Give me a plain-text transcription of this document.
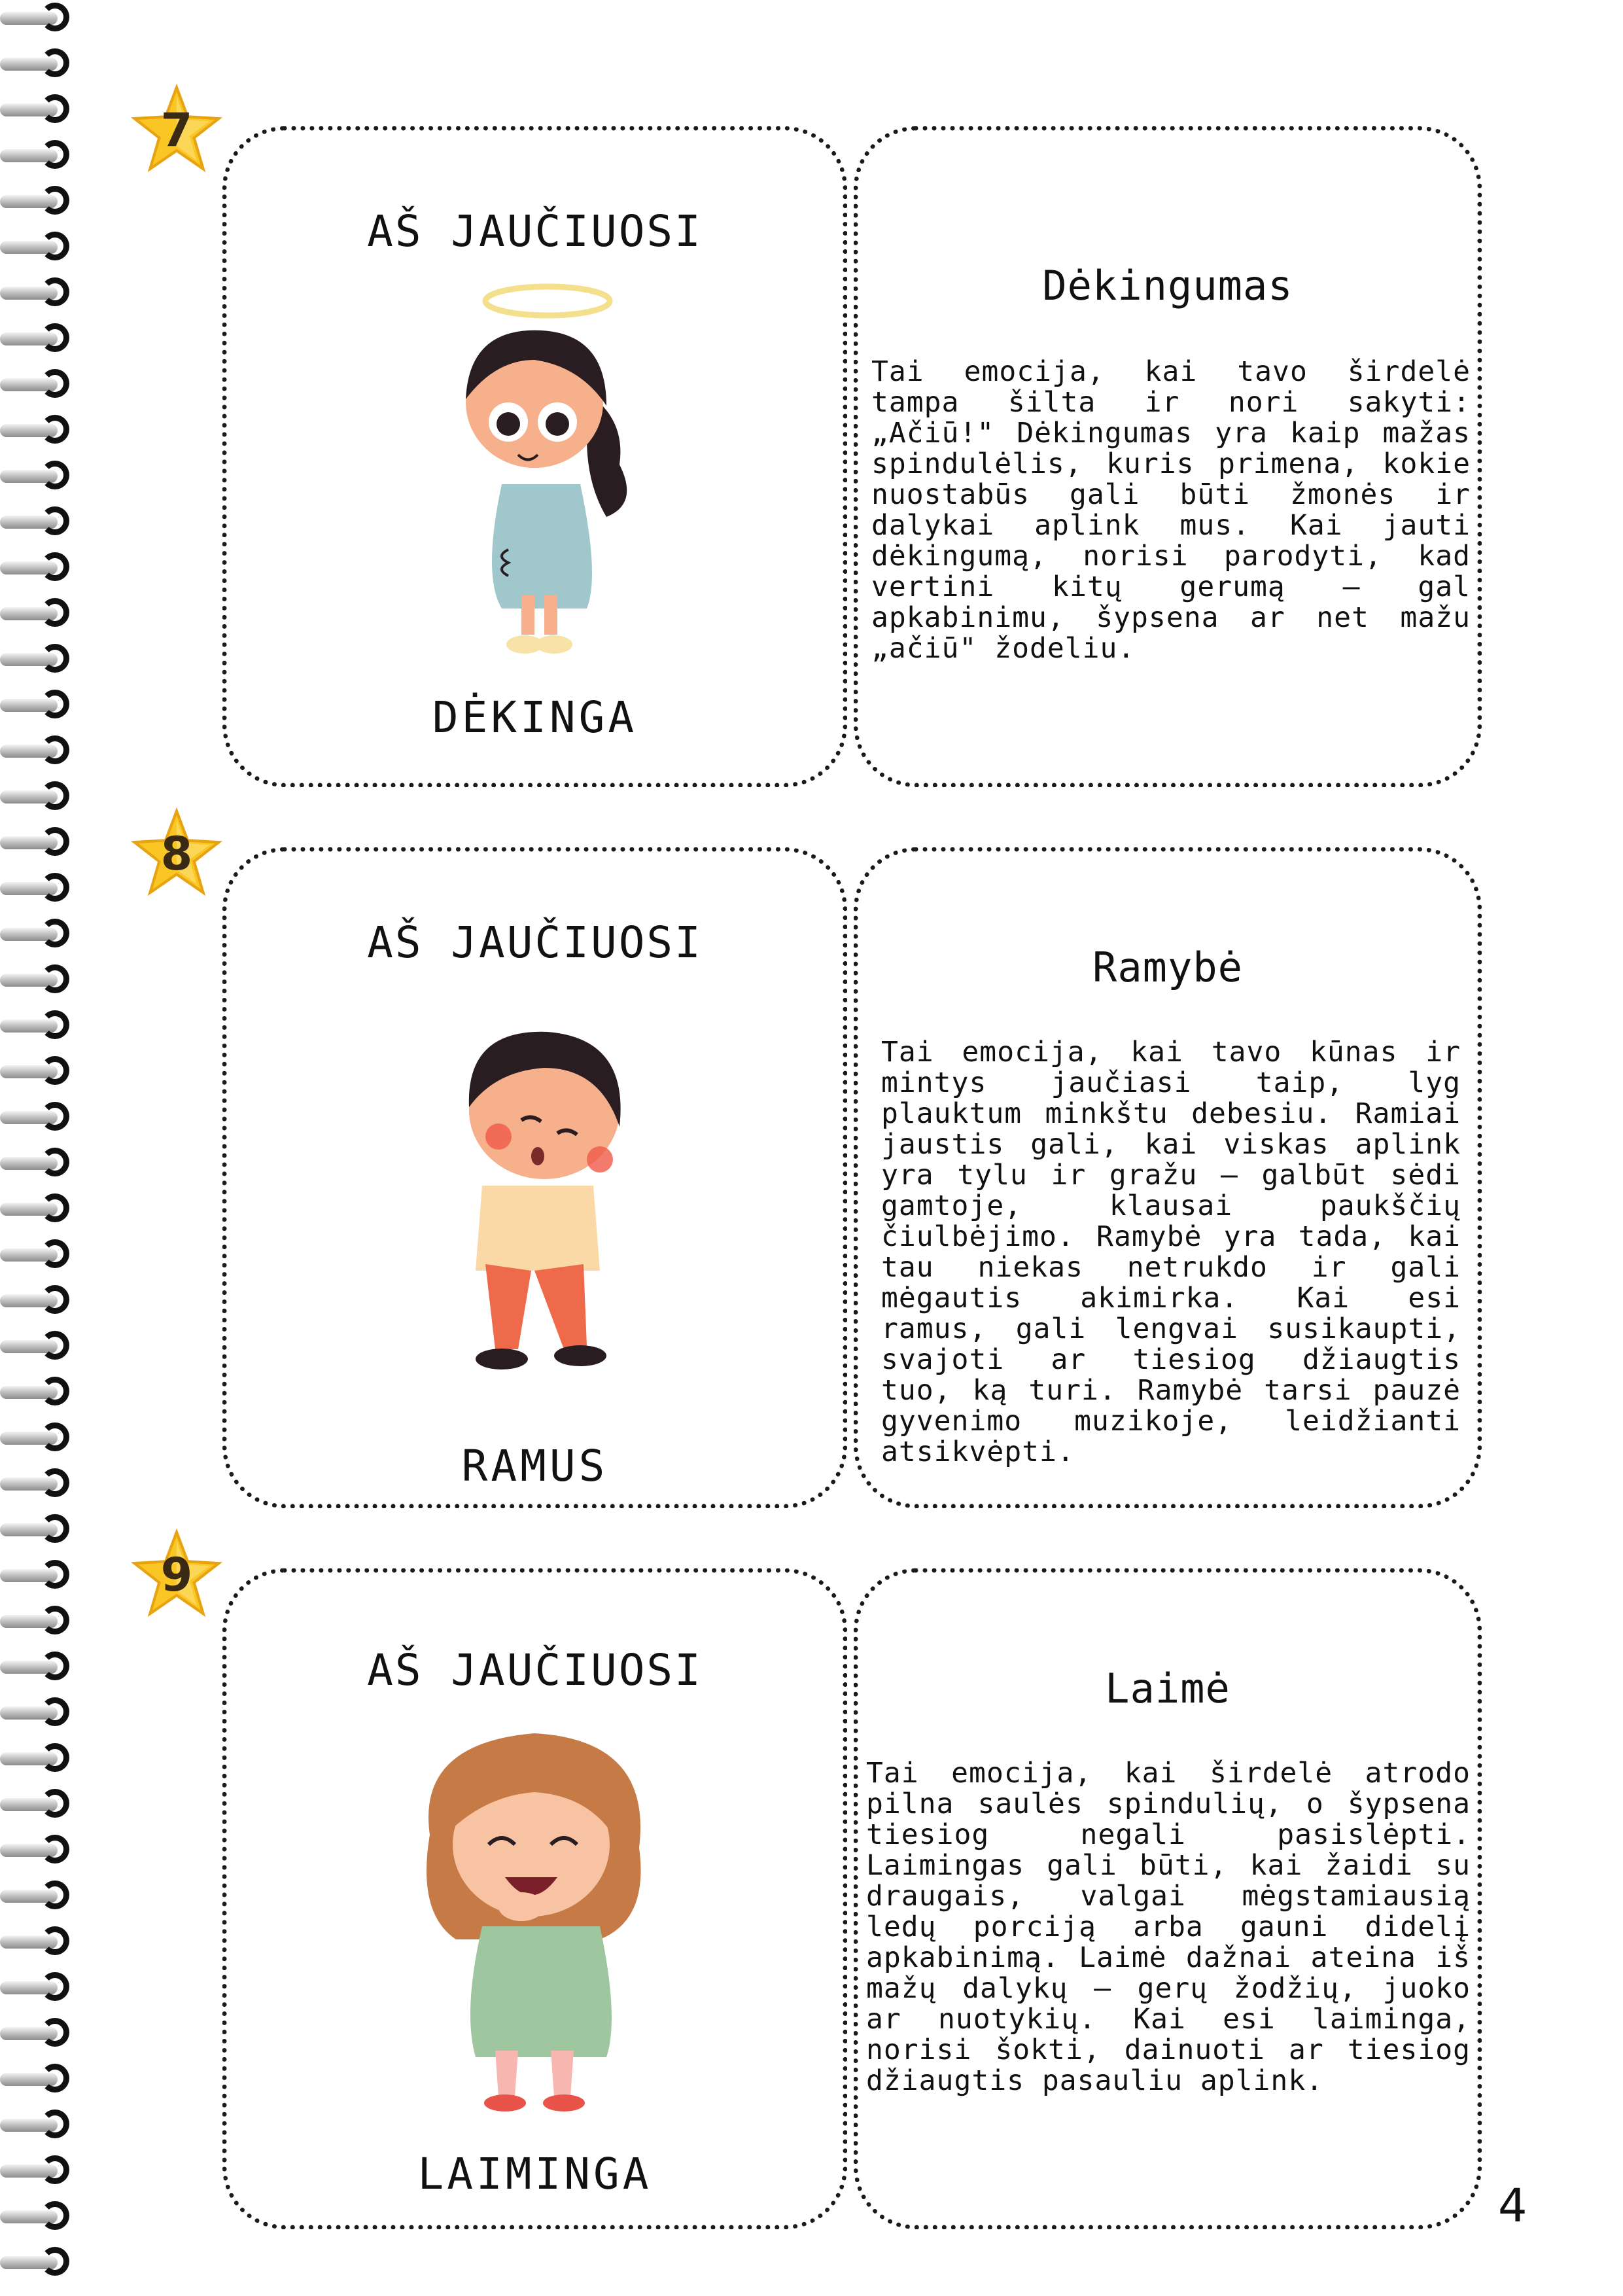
7
AŠ JAUČIUOSI
DĖKINGA
Dėkingumas
Tai emocija, kai tavo širdelė tampa šilta ir nori sakyti: „Ačiū!" Dėkingumas yra kaip mažas spindulėlis, kuris primena, kokie nuostabūs gali būti žmonės ir dalykai aplink mus. Kai jauti dėkingumą, norisi parodyti, kad vertini kitų gerumą – gal apkabinimu, šypsena ar net mažu „ačiū" žodeliu.
8
AŠ JAUČIUOSI
RAMUS
Ramybė
Tai emocija, kai tavo kūnas ir mintys jaučiasi taip, lyg plauktum minkštu debesiu. Ramiai jaustis gali, kai viskas aplink yra tylu ir gražu – galbūt sėdi gamtoje, klausai paukščių čiulbėjimo. Ramybė yra tada, kai tau niekas netrukdo ir gali mėgautis akimirka. Kai esi ramus, gali lengvai susikaupti, svajoti ar tiesiog džiaugtis tuo, ką turi. Ramybė tarsi pauzė gyvenimo muzikoje, leidžianti atsikvėpti.
9
AŠ JAUČIUOSI
LAIMINGA
Laimė
Tai emocija, kai širdelė atrodo pilna saulės spindulių, o šypsena tiesiog negali pasislėpti. Laimingas gali būti, kai žaidi su draugais, valgai mėgstamiausią ledų porciją arba gauni didelį apkabinimą. Laimė dažnai ateina iš mažų dalykų – gerų žodžių, juoko ar nuotykių. Kai esi laiminga, norisi šokti, dainuoti ar tiesiog džiaugtis pasauliu aplink.
4
